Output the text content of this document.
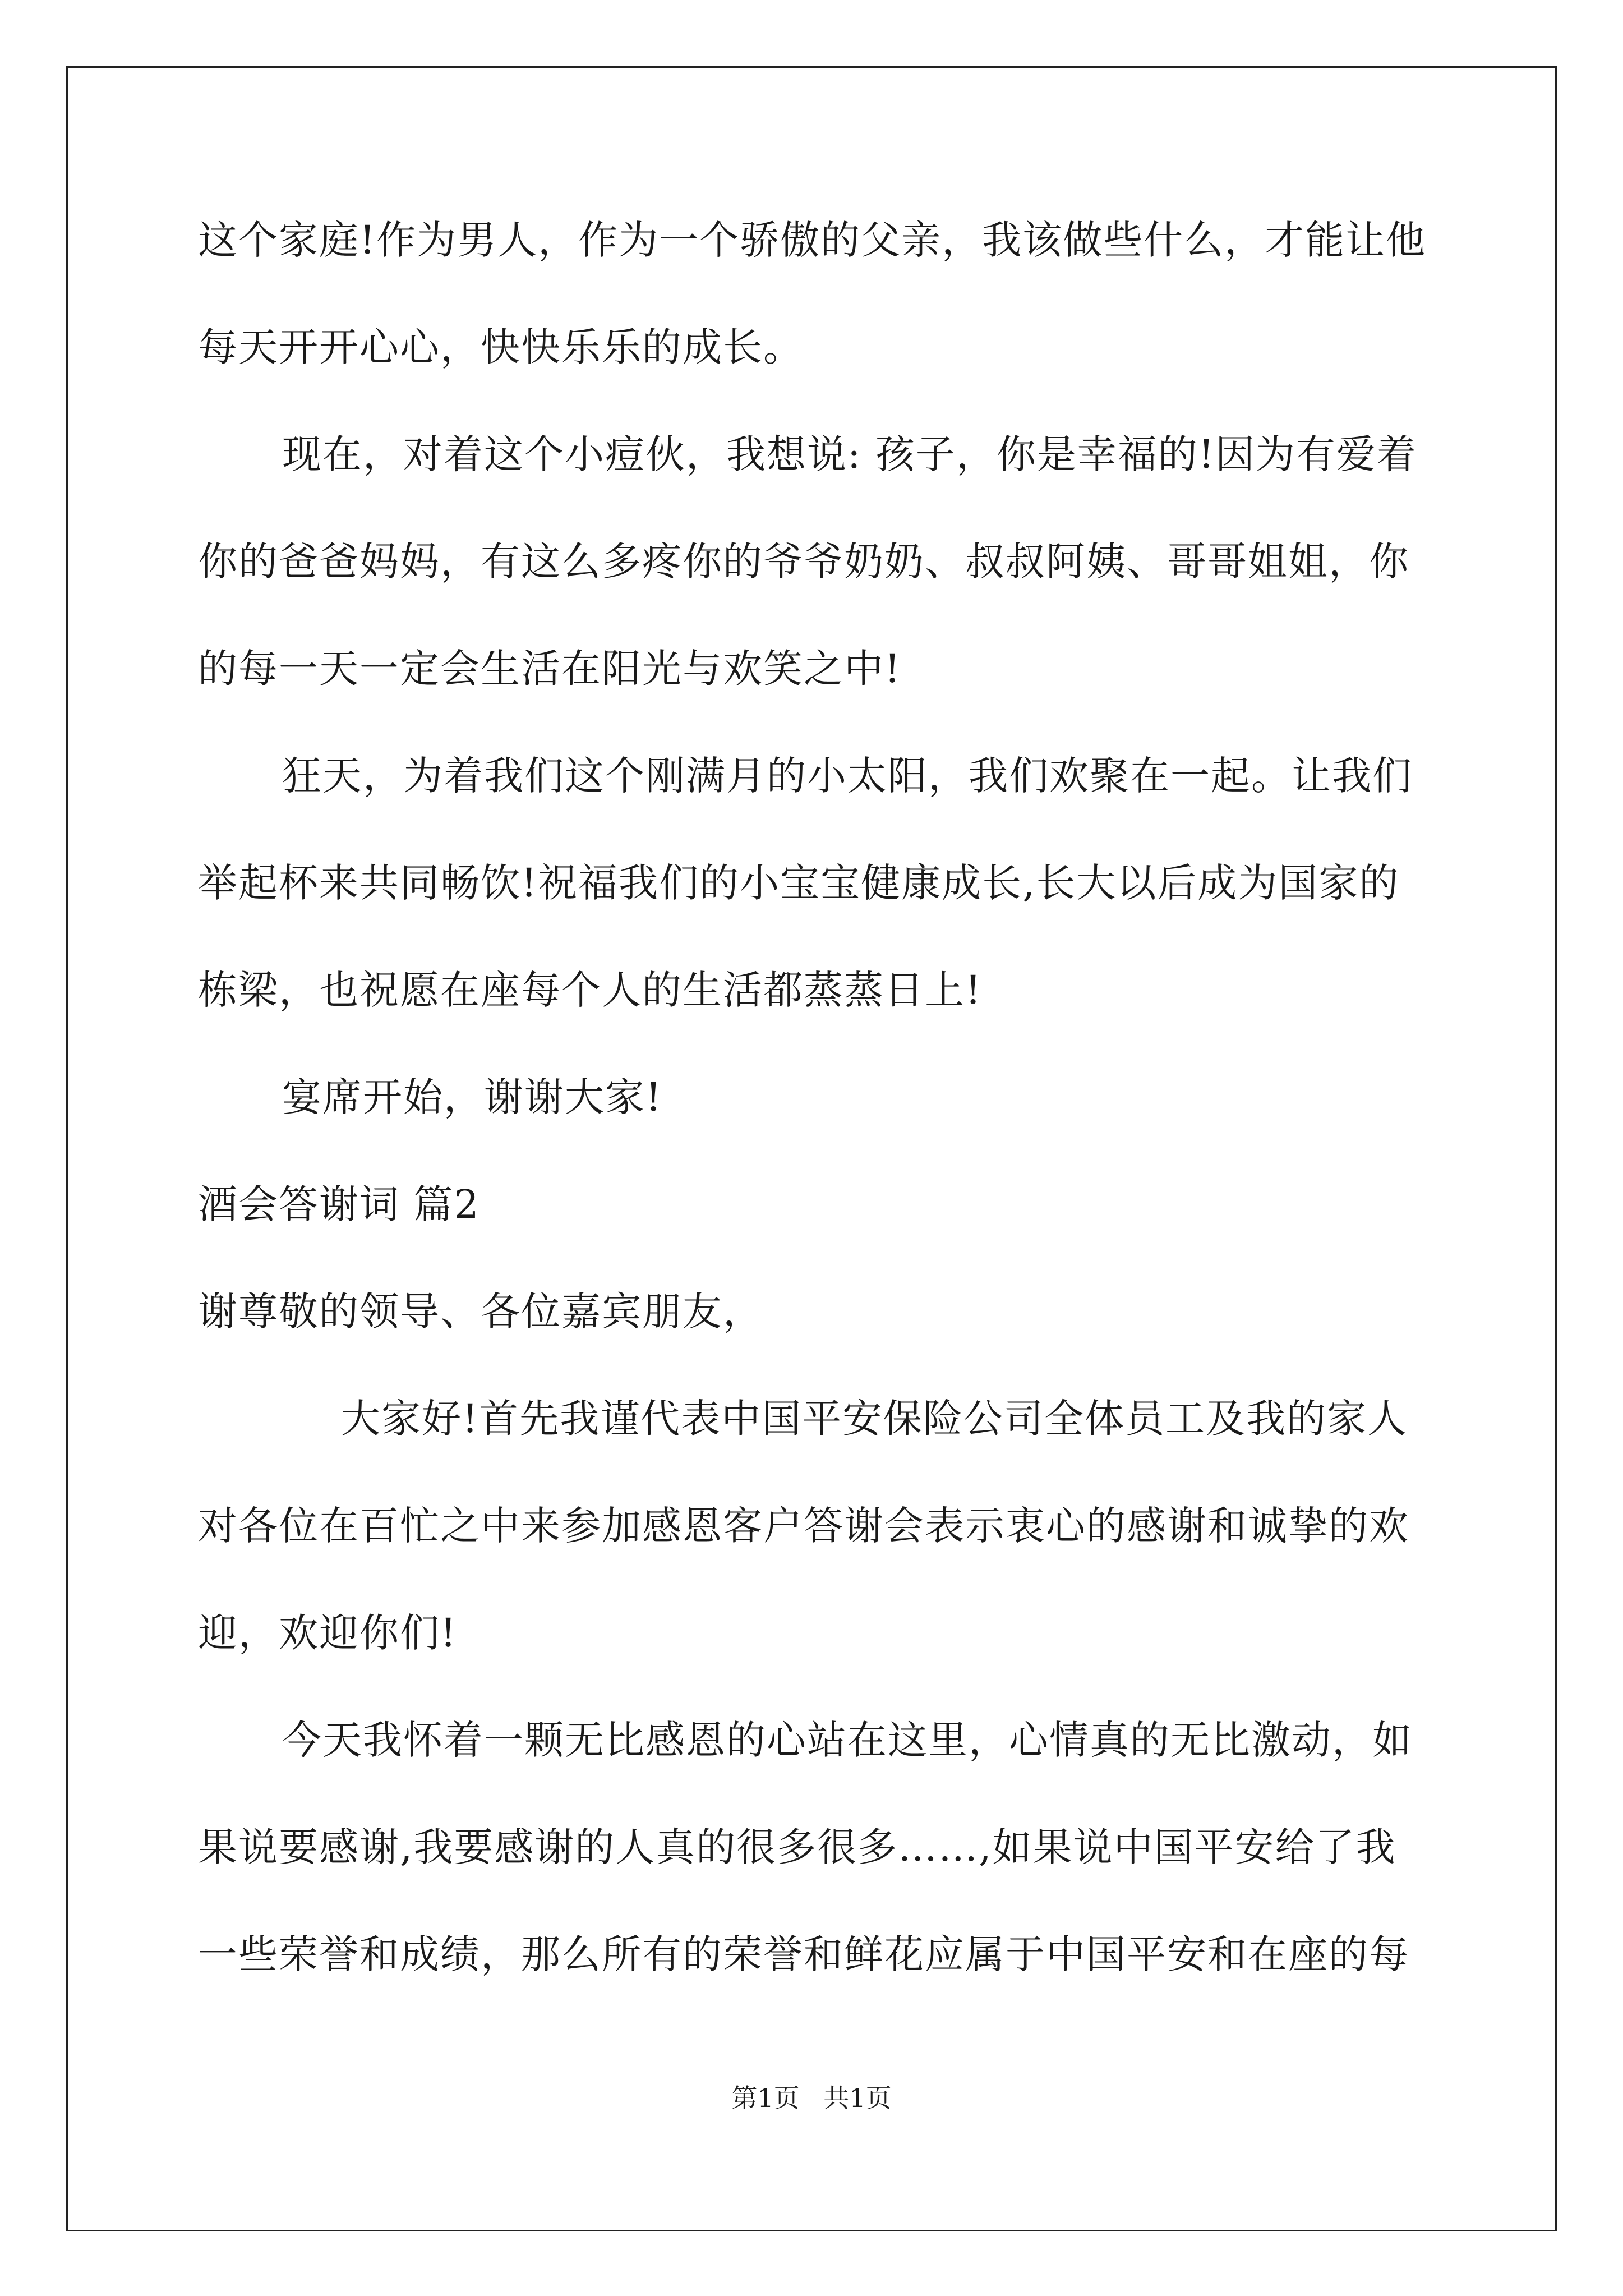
这个家庭!作为男人，作为一个骄傲的父亲，我该做些什么，才能让他
每天开开心心，快快乐乐的成长。
现在，对着这个小痘伙，我想说: 孩子，你是幸福的!因为有爱着
你的爸爸妈妈，有这么多疼你的爷爷奶奶、叔叔阿姨、哥哥姐姐，你
的每一天一定会生活在阳光与欢笑之中!
狂天，为着我们这个刚满月的小太阳，我们欢聚在一起。让我们
举起杯来共同畅饮!祝福我们的小宝宝健康成长,长大以后成为国家的
栋梁，也祝愿在座每个人的生活都蒸蒸日上!
宴席开始，谢谢大家!
酒会答谢词 篇2
谢尊敬的领导、各位嘉宾朋友，
大家好!首先我谨代表中国平安保险公司全体员工及我的家人
对各位在百忙之中来参加感恩客户答谢会表示衷心的感谢和诚挚的欢
迎，欢迎你们!
今天我怀着一颗无比感恩的心站在这里，心情真的无比激动，如
果说要感谢,我要感谢的人真的很多很多……,如果说中国平安给了我
一些荣誉和成绩，那么所有的荣誉和鲜花应属于中国平安和在座的每
第1页 共1页
